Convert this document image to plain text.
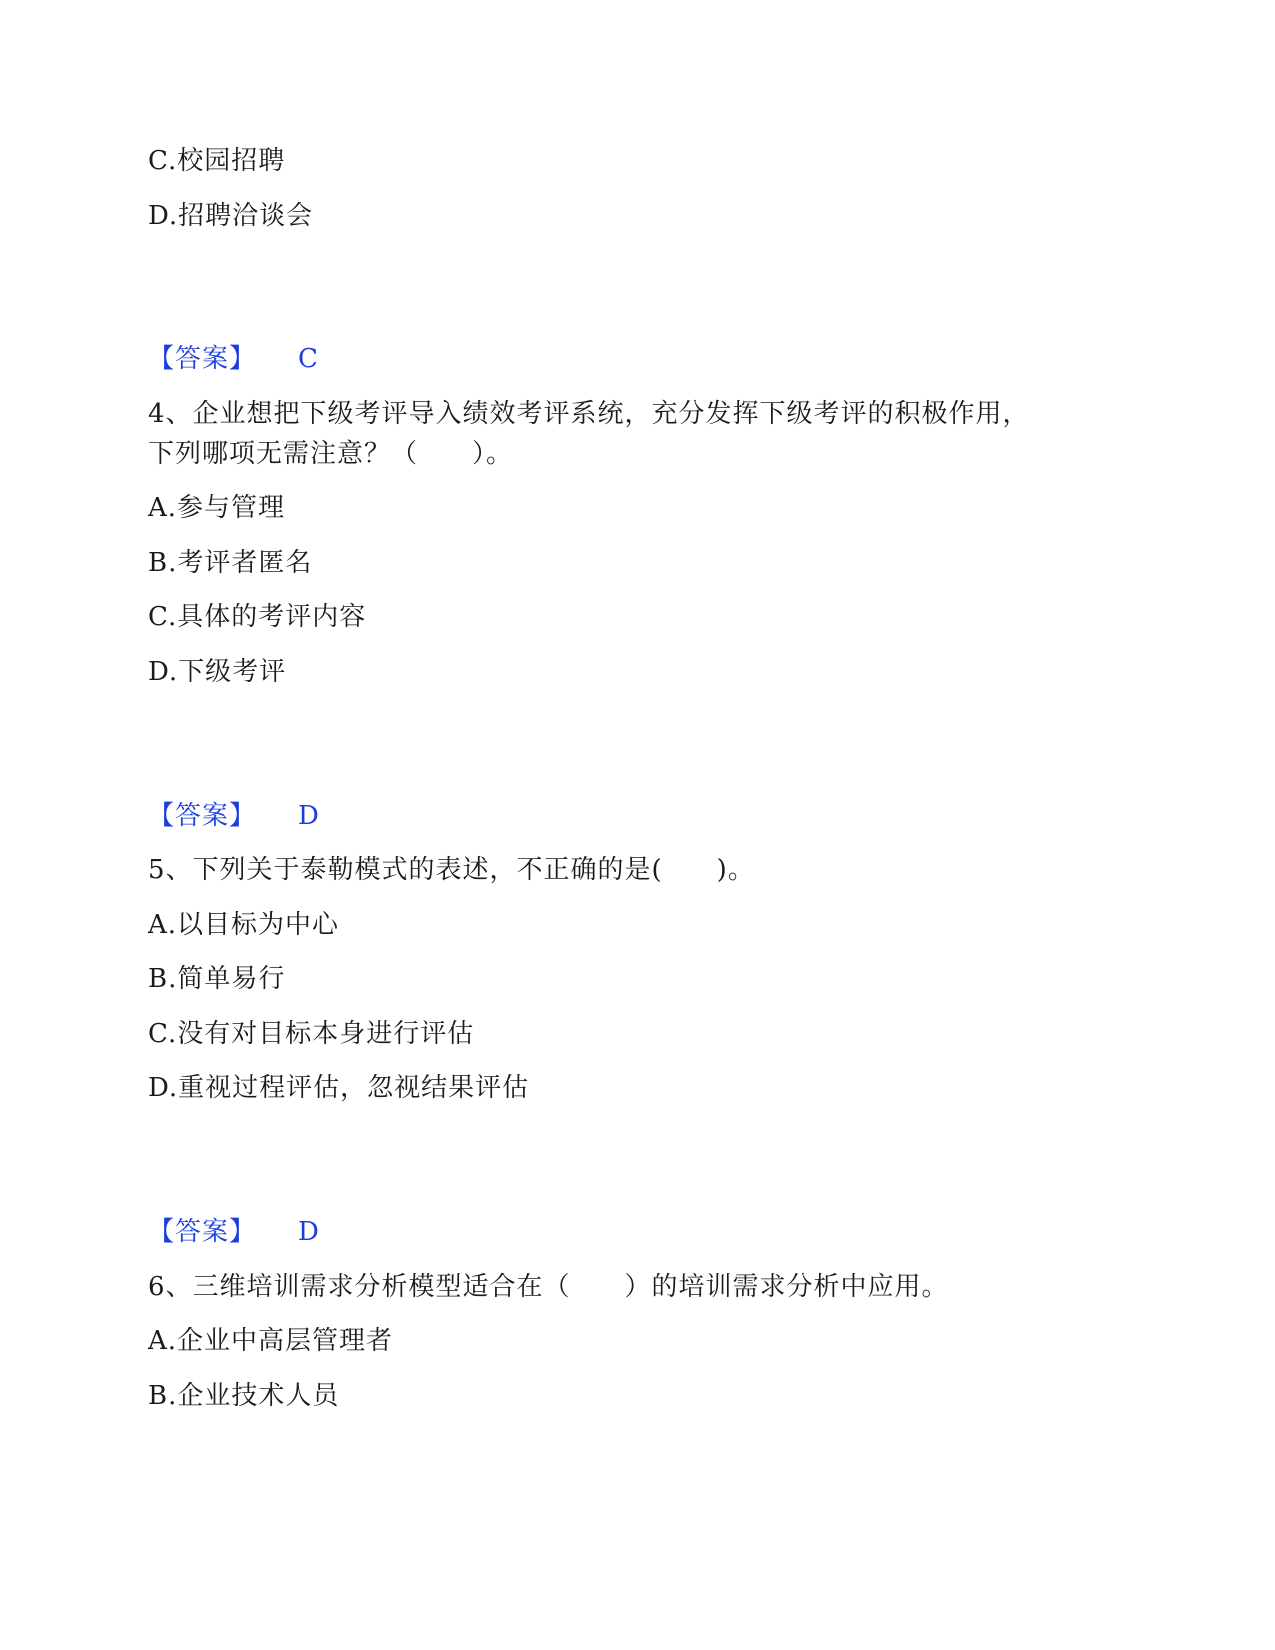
C.校园招聘
D.招聘洽谈会
【答案】 C
4、企业想把下级考评导入绩效考评系统，充分发挥下级考评的积极作用，
下列哪项无需注意？（　　）。
A.参与管理
B.考评者匿名
C.具体的考评内容
D.下级考评
【答案】 D
5、下列关于泰勒模式的表述，不正确的是(　　)。
A.以目标为中心
B.简单易行
C.没有对目标本身进行评估
D.重视过程评估，忽视结果评估
【答案】 D
6、三维培训需求分析模型适合在（　　）的培训需求分析中应用。
A.企业中高层管理者
B.企业技术人员
